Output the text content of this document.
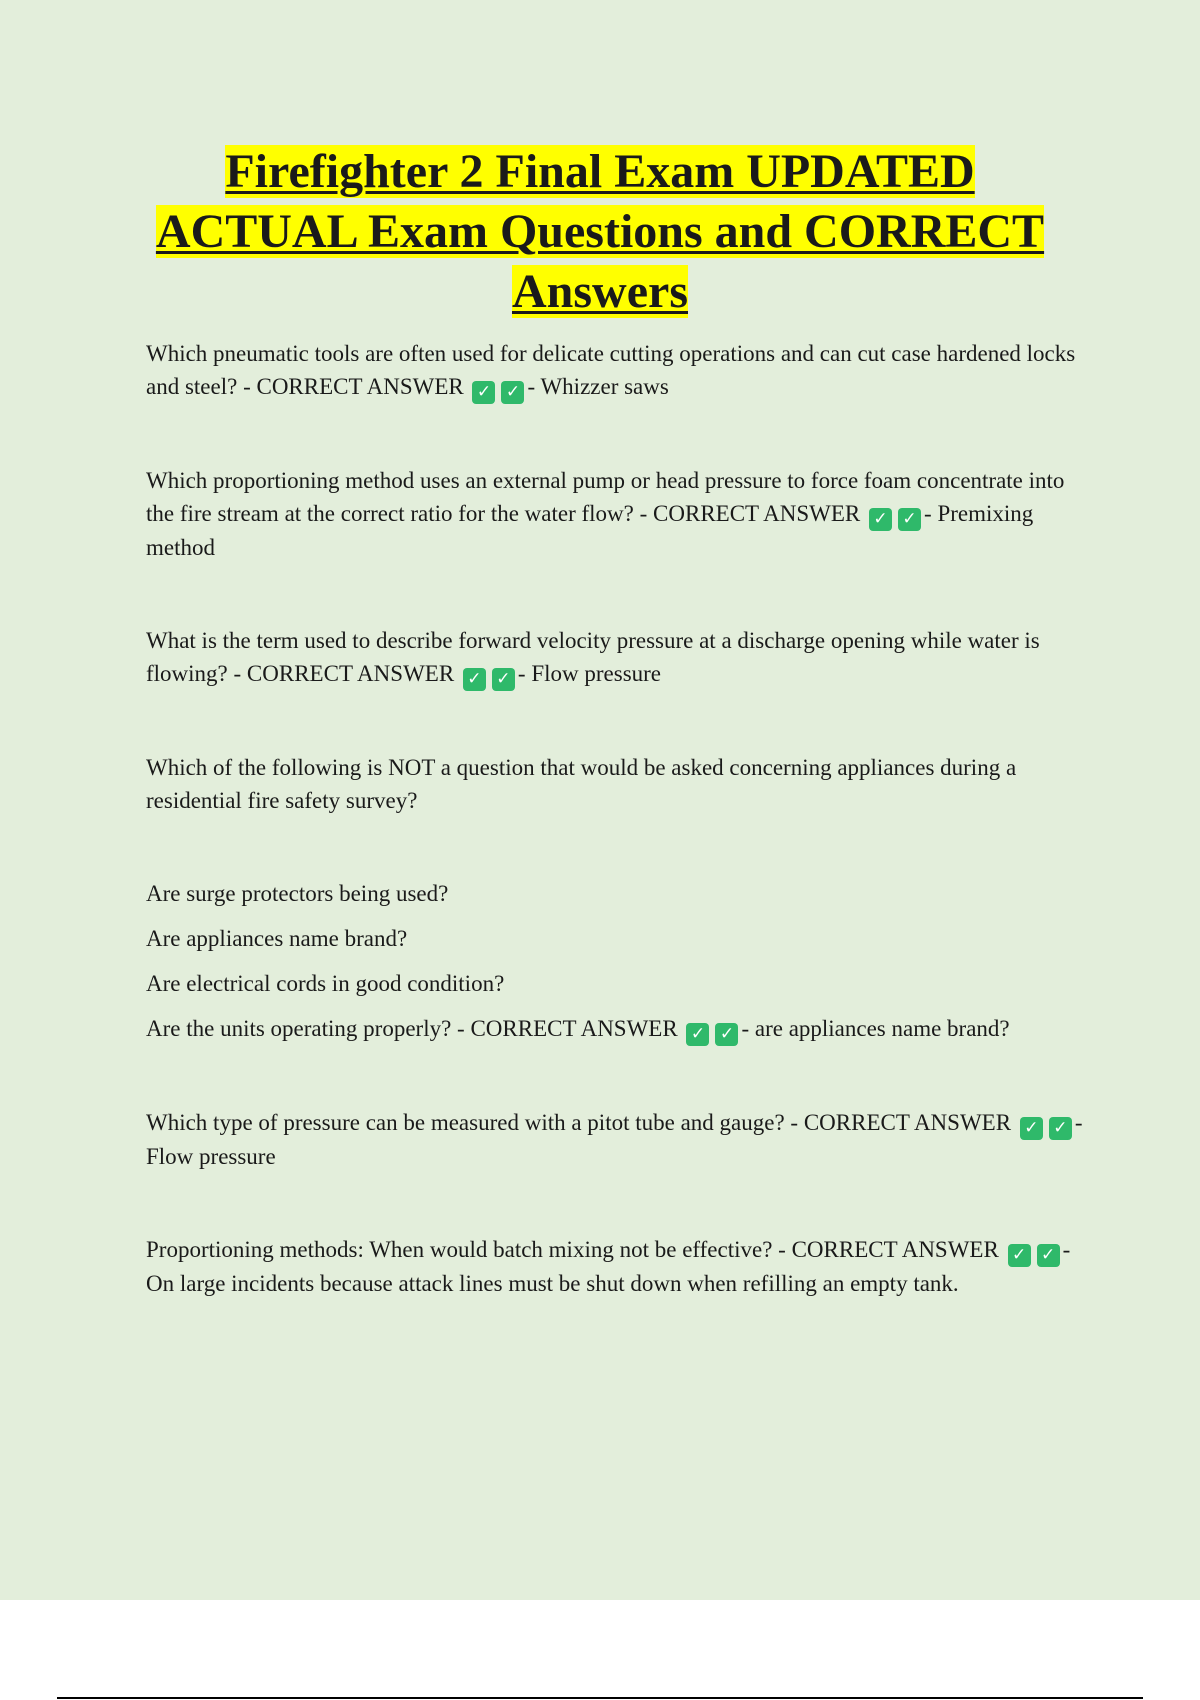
Firefighter 2 Final Exam UPDATED
ACTUAL Exam Questions and CORRECT
Answers

Which pneumatic tools are often used for delicate cutting operations and can cut case hardened locks and steel? - CORRECT ANSWER ✓ ✓ - Whizzer saws

Which proportioning method uses an external pump or head pressure to force foam concentrate into the fire stream at the correct ratio for the water flow? - CORRECT ANSWER ✓ ✓ - Premixing method

What is the term used to describe forward velocity pressure at a discharge opening while water is flowing? - CORRECT ANSWER ✓ ✓ - Flow pressure

Which of the following is NOT a question that would be asked concerning appliances during a residential fire safety survey?

Are surge protectors being used?

Are appliances name brand?

Are electrical cords in good condition?

Are the units operating properly? - CORRECT ANSWER ✓ ✓ - are appliances name brand?

Which type of pressure can be measured with a pitot tube and gauge? - CORRECT ANSWER ✓ ✓ - Flow pressure

Proportioning methods: When would batch mixing not be effective? - CORRECT ANSWER ✓ ✓ - On large incidents because attack lines must be shut down when refilling an empty tank.
